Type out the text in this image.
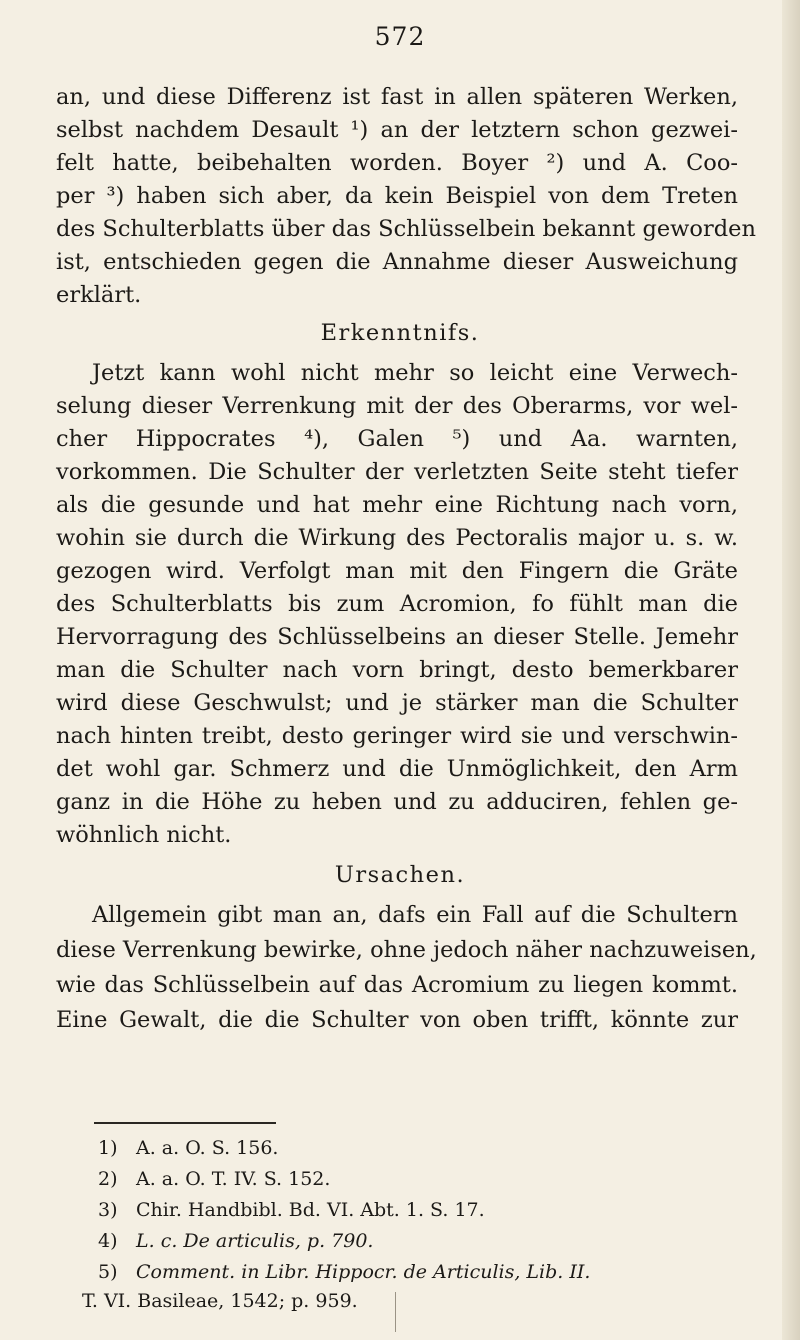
572
an, und diese Differenz ist fast in allen späteren Werken,
selbst nachdem Desault ¹) an der letztern schon gezwei-
felt hatte, beibehalten worden. Boyer ²) und A. Coo-
per ³) haben sich aber, da kein Beispiel von dem Treten
des Schulterblatts über das Schlüsselbein bekannt geworden
ist, entschieden gegen die Annahme dieser Ausweichung
erklärt.
Erkenntnifs.
Jetzt kann wohl nicht mehr so leicht eine Verwech-
selung dieser Verrenkung mit der des Oberarms, vor wel-
cher Hippocrates ⁴), Galen ⁵) und Aa. warnten,
vorkommen. Die Schulter der verletzten Seite steht tiefer
als die gesunde und hat mehr eine Richtung nach vorn,
wohin sie durch die Wirkung des Pectoralis major u. s. w.
gezogen wird. Verfolgt man mit den Fingern die Gräte
des Schulterblatts bis zum Acromion, fo fühlt man die
Hervorragung des Schlüsselbeins an dieser Stelle. Jemehr
man die Schulter nach vorn bringt, desto bemerkbarer
wird diese Geschwulst; und je stärker man die Schulter
nach hinten treibt, desto geringer wird sie und verschwin-
det wohl gar. Schmerz und die Unmöglichkeit, den Arm
ganz in die Höhe zu heben und zu adduciren, fehlen ge-
wöhnlich nicht.
Ursachen.
Allgemein gibt man an, dafs ein Fall auf die Schultern
diese Verrenkung bewirke, ohne jedoch näher nachzuweisen,
wie das Schlüsselbein auf das Acromium zu liegen kommt.
Eine Gewalt, die die Schulter von oben trifft, könnte zur
1) A. a. O. S. 156.
2) A. a. O. T. IV. S. 152.
3) Chir. Handbibl. Bd. VI. Abt. 1. S. 17.
4) L. c. De articulis, p. 790.
5) Comment. in Libr. Hippocr. de Articulis, Lib. II.
T. VI. Basileae, 1542; p. 959.
